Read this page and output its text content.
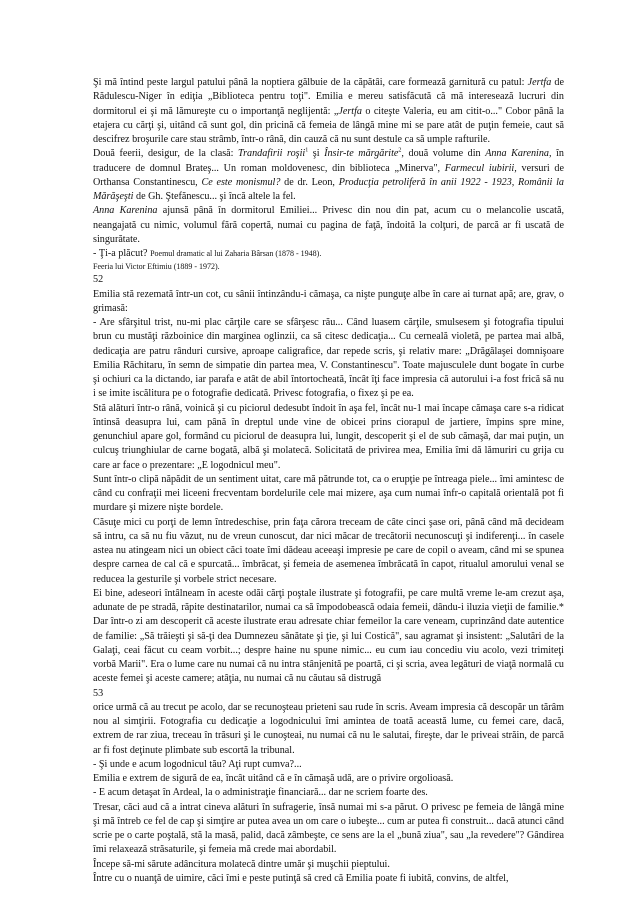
Şi mă întind peste largul patului până la noptiera gălbuie de la căpătâi, care formează garnitură cu patul: Jertfa de Rădulescu-Niger în ediţia „Biblioteca pentru toţi". Emilia e mereu satisfăcută că mă interesează lucruri din dormitorul ei şi mă lămureşte cu o importanţă neglijentă: „Jertfa o citeşte Valeria, eu am citit-o..." Cobor până la etajera cu cărţi şi, uitând că sunt gol, din pricină că femeia de lângă mine mi se pare atât de puţin femeie, caut să descifrez broşurile care stau strâmb, într-o rână, din cauză că nu sunt destule ca să umple rafturile.

Două feerii, desigur, de la clasă: Trandafirii roşii$^1$ şi Însir-te mărgărite$^2$, două volume din Anna Karenina, în traducere de domnul Brateş... Un roman moldovenesc, din biblioteca „Minerva", Farmecul iubirii, versuri de Orthansa Constantinescu, Ce este monismul? de dr. Leon, Producţia petroliferă în anii 1922 - 1923, Românii la Mărăşeşti de Gh. Ştefănescu... şi încă altele la fel.

Anna Karenina ajunsă până în dormitorul Emiliei... Privesc din nou din pat, acum cu o melancolie uscată, neangajată cu nimic, volumul fără copertă, numai cu pagina de faţă, îndoită la colţuri, de parcă ar fi uscată de singurătate.

- Ţi-a plăcut? Poemul dramatic al lui Zaharia Bârsan (1878 - 1948).

Feeria lui Victor Eftimiu (1889 - 1972).

52

Emilia stă rezemată într-un cot, cu sânii întinzându-i cămaşa, ca nişte punguţe albe în care ai turnat apă; are, grav, o grimasă:

- Are sfârşitul trist, nu-mi plac cărţile care se sfârşesc rău... Când luasem cărţile, smulsesem şi fotografia tipului brun cu mustăţi războinice din marginea oglinzii, ca să citesc dedicaţia... Cu cerneală violetă, pe partea mai albă, dedicaţia are patru rânduri cursive, aproape caligrafice, dar repede scris, şi relativ mare: „Drăgălaşei domnişoare Emilia Răchitaru, în semn de simpatie din partea mea, V. Constantinescu". Toate majusculele dunt bogate în curbe şi ochiuri ca la dictando, iar parafa e atât de abil întortocheată, încât îţi face impresia că autorului i-a fost frică să nu i se imite iscălitura pe o fotografie dedicată. Privesc fotografia, o fixez şi pe ea.

Stă alături într-o rână, voinică şi cu piciorul dedesubt îndoit în aşa fel, încât nu-1 mai încape cămaşa care s-a ridicat întinsă deasupra lui, cam până în dreptul unde vine de obicei prins ciorapul de jartiere, împins spre mine, genunchiul apare gol, formând cu piciorul de deasupra lui, lungit, descoperit şi el de sub cămaşă, dar mai puţin, un culcuş triunghiular de carne bogată, albă şi molatecă. Solicitată de privirea mea, Emilia îmi dă lămuriri cu grija cu care ar face o prezentare: „E logodnicul meu".

Sunt într-o clipă năpădit de un sentiment uitat, care mă pătrunde tot, ca o erupţie pe întreaga piele... îmi amintesc de când cu confraţii mei liceeni frecventam bordelurile cele mai mizere, aşa cum numai înfr-o capitală orientală pot fi murdare şi mizere nişte bordele.

Căsuţe mici cu porţi de lemn întredeschise, prin faţa cărora treceam de câte cinci şase ori, până când mă decideam să intru, ca să nu fiu văzut, nu de vreun cunoscut, dar nici măcar de trecătorii necunoscuţi şi indiferenţi... în casele astea nu atingeam nici un obiect căci toate îmi dădeau aceeaşi impresie pe care de copil o aveam, când mi se spunea despre carnea de cal că e spurcată... îmbrăcat, şi femeia de asemenea îmbrăcată în capot, ritualul amorului venal se reducea la gesturile şi vorbele strict necesare.

Ei bine, adeseori întâlneam în aceste odăi cărţi poştale ilustrate şi fotografii, pe care multă vreme le-am crezut aşa, adunate de pe stradă, răpite destinatarilor, numai ca să împodobească odaia femeii, dându-i iluzia vieţii de familie.* Dar într-o zi am descoperit că aceste ilustrate erau adresate chiar femeilor la care veneam, cuprinzând date autentice de familie: „Să trăieşti şi să-ţi dea Dumnezeu sănătate şi ţie, şi lui Costică", sau agramat şi insistent: „Salutări de la Galaţi, ceai făcut cu ceam vorbit...; despre haine nu spune nimic... eu cum iau concediu viu acolo, vezi trimiteţi vorbă Marii". Era o lume care nu numai că nu intra stânjenită pe poartă, ci şi scria, avea legături de viaţă normală cu aceste femei şi aceste camere; atâţia, nu numai că nu căutau să distrugă

53

orice urmă că au trecut pe acolo, dar se recunoşteau prieteni sau rude în scris. Aveam impresia că descopăr un tărâm nou al simţirii. Fotografia cu dedicaţie a logodnicului îmi amintea de toată această lume, cu femei care, dacă, extrem de rar ziua, treceau în trăsuri şi le cunoşteai, nu numai că nu le salutai, fireşte, dar le priveai străin, de parcă ar fi fost deţinute plimbate sub escortă la tribunal.

- Şi unde e acum logodnicul tău? Aţi rupt cumva?...

Emilia e extrem de sigură de ea, încât uitând că e în cămaşă udă, are o privire orgolioasă.

- E acum detaşat în Ardeal, la o administraţie financiară... dar ne scriem foarte des.

Tresar, căci aud că a intrat cineva alături în sufragerie, însă numai mi s-a părut. O privesc pe femeia de lângă mine şi mă întreb ce fel de cap şi simţire ar putea avea un om care o iubeşte... cum ar putea fi construit... dacă atunci când scrie pe o carte poştală, stă la masă, palid, dacă zâmbeşte, ce sens are la el „bună ziua", sau „la revedere"? Gândirea îmi relaxează străsaturile, şi femeia mă crede mai abordabil.

Începe să-mi sărute adâncitura molatecă dintre umăr şi muşchii pieptului.

Între cu o nuanţă de uimire, căci îmi e peste putinţă să cred că Emilia poate fi iubită, convins, de altfel,
